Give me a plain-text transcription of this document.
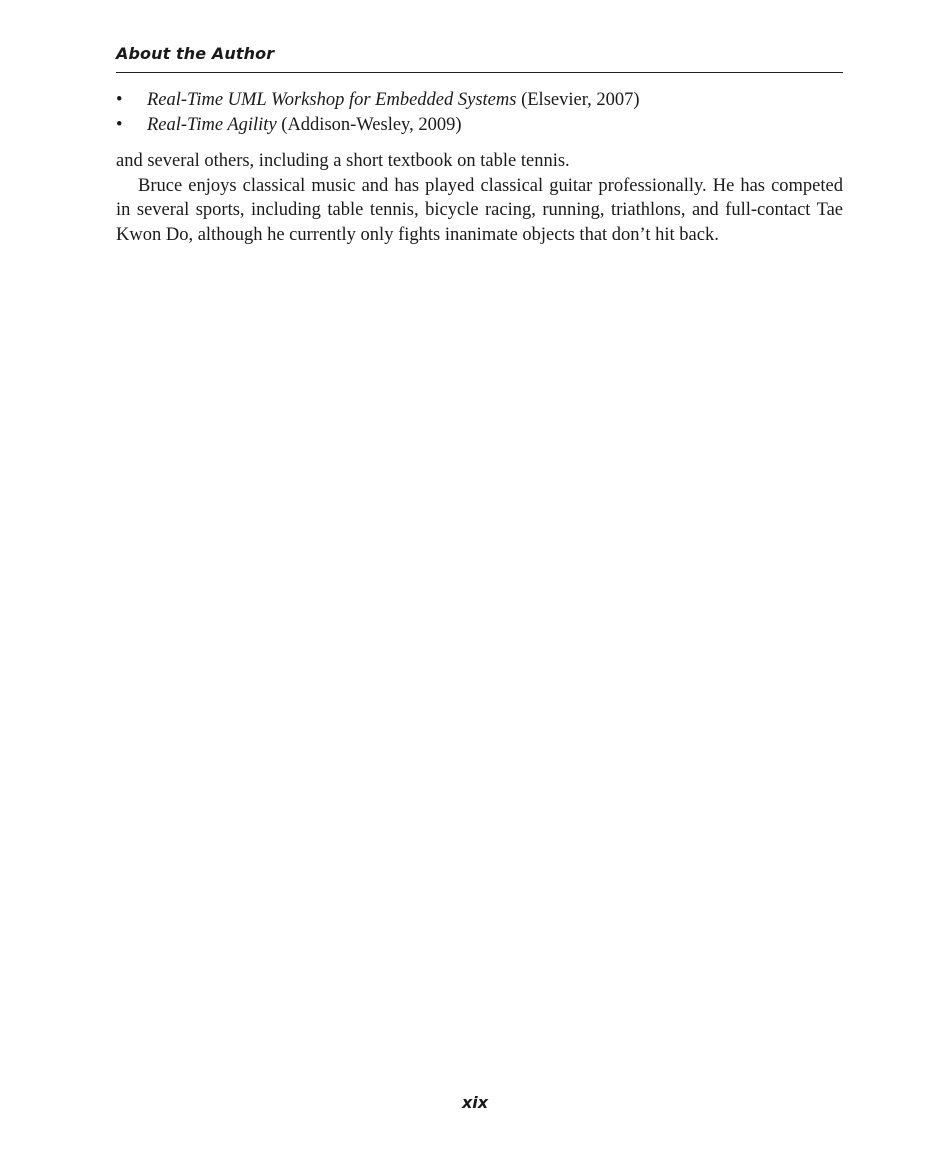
About the Author
• Real-Time UML Workshop for Embedded Systems (Elsevier, 2007)
• Real-Time Agility (Addison-Wesley, 2009)

and several others, including a short textbook on table tennis.

Bruce enjoys classical music and has played classical guitar professionally. He has competed in several sports, including table tennis, bicycle racing, running, triathlons, and full-contact Tae Kwon Do, although he currently only fights inanimate objects that don’t hit back.

xix
